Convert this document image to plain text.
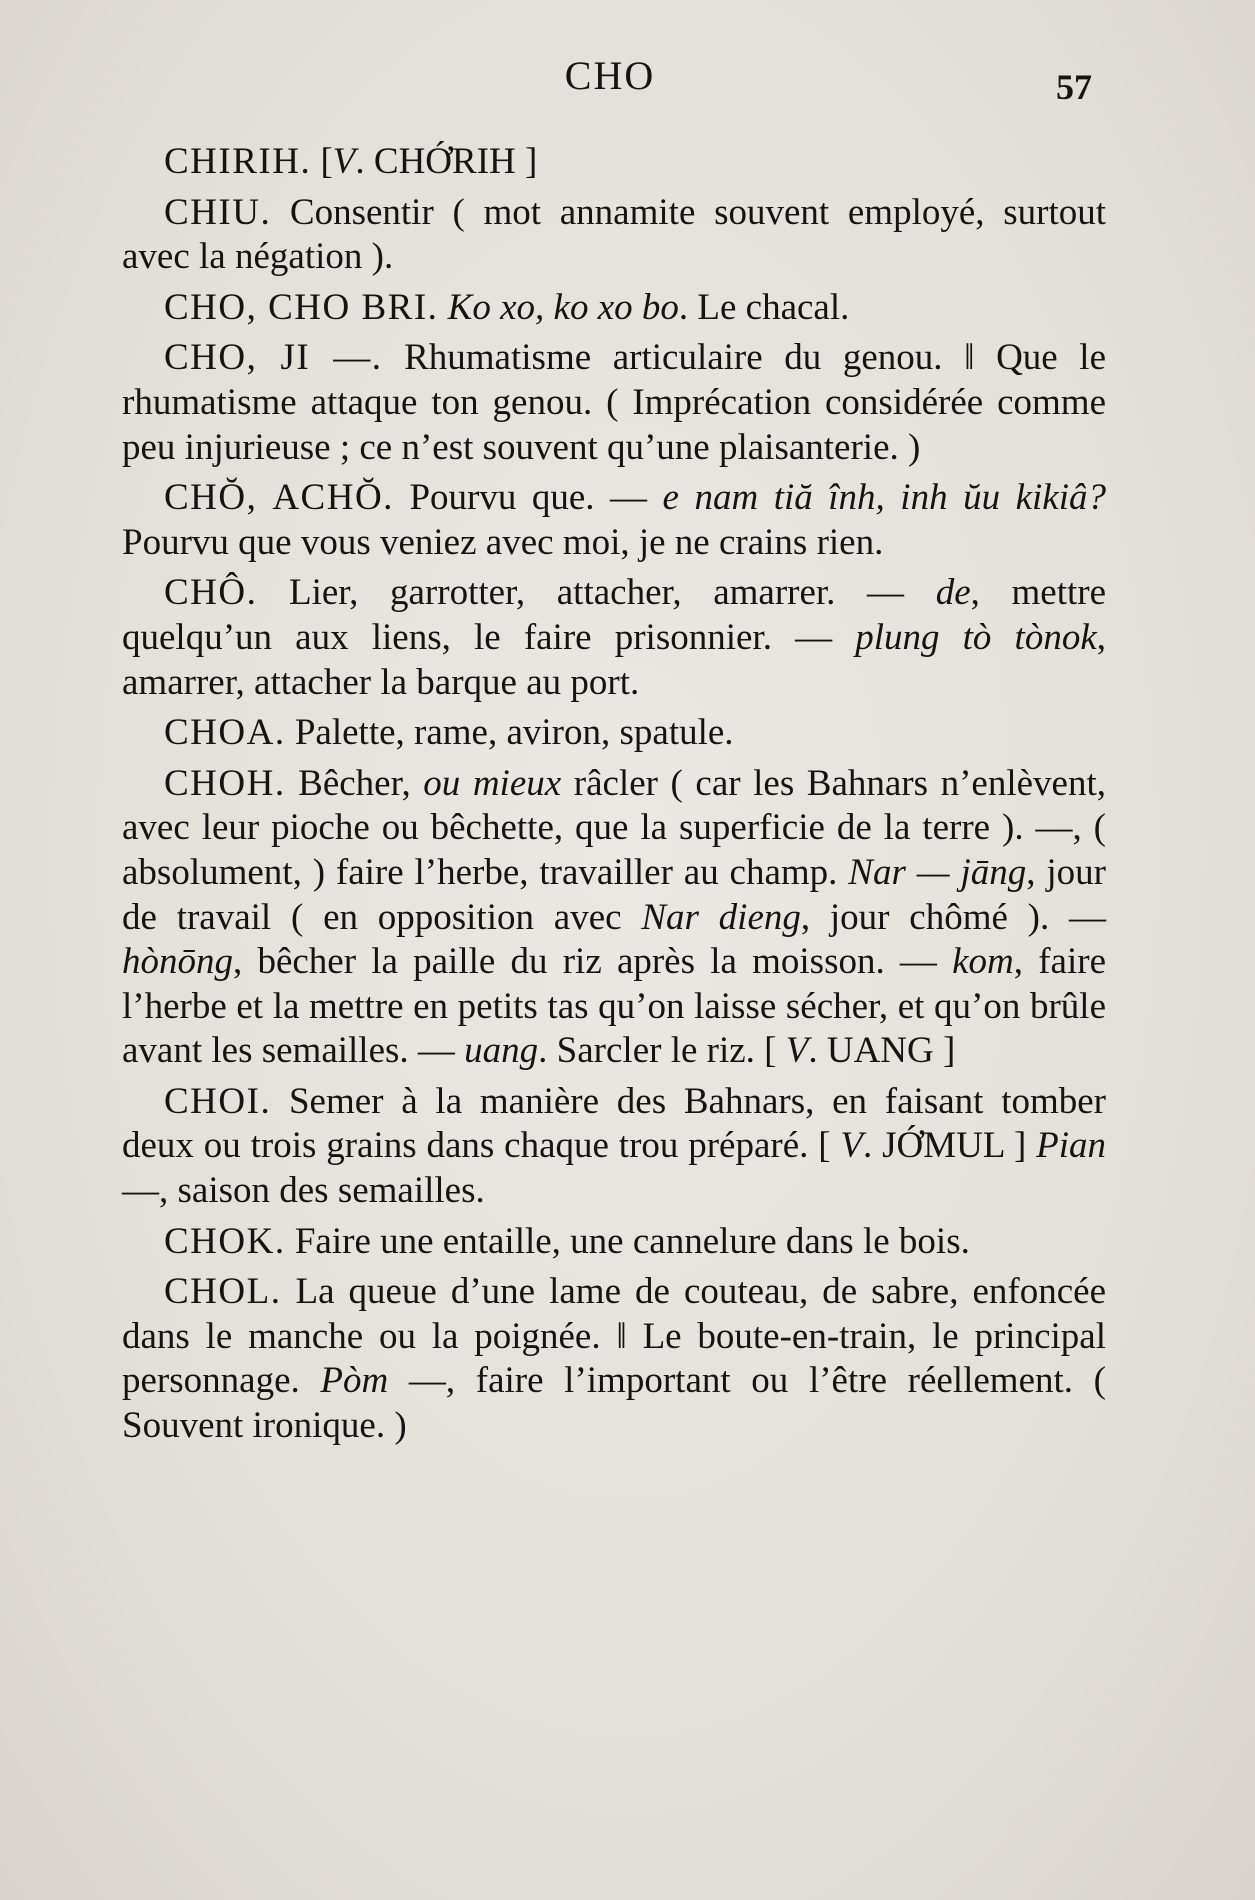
CHO	57

CHIRIH. [V. CHỚRIH ]

CHIU. Consentir ( mot annamite souvent employé, surtout avec la négation ).

CHO, CHO BRI. Ko xo, ko xo bo. Le chacal.

CHO, JI —. Rhumatisme articulaire du genou. ‖ Que le rhumatisme attaque ton genou. ( Imprécation considérée comme peu injurieuse ; ce n’est souvent qu’une plaisanterie. )

CHŎ, ACHŎ. Pourvu que. — e nam tiă înh, inh ŭu kikiâ? Pourvu que vous veniez avec moi, je ne crains rien.

CHÔ. Lier, garrotter, attacher, amarrer. — de, mettre quelqu’un aux liens, le faire prisonnier. — plung tò tònok, amarrer, attacher la barque au port.

CHOA. Palette, rame, aviron, spatule.

CHOH. Bêcher, ou mieux râcler ( car les Bahnars n’enlèvent, avec leur pioche ou bêchette, que la superficie de la terre ). —, ( absolument, ) faire l’herbe, travailler au champ. Nar — jāng, jour de travail ( en opposition avec Nar dieng, jour chômé ). — hònōng, bêcher la paille du riz après la moisson. — kom, faire l’herbe et la mettre en petits tas qu’on laisse sécher, et qu’on brûle avant les semailles. — uang. Sarcler le riz. [ V. UANG ]

CHOI. Semer à la manière des Bahnars, en faisant tomber deux ou trois grains dans chaque trou préparé. [ V. JỚMUL ] Pian —, saison des semailles.

CHOK. Faire une entaille, une cannelure dans le bois.

CHOL. La queue d’une lame de couteau, de sabre, enfoncée dans le manche ou la poignée. ‖ Le boute-en-train, le principal personnage. Pòm —, faire l’important ou l’être réellement. ( Souvent ironique. )
